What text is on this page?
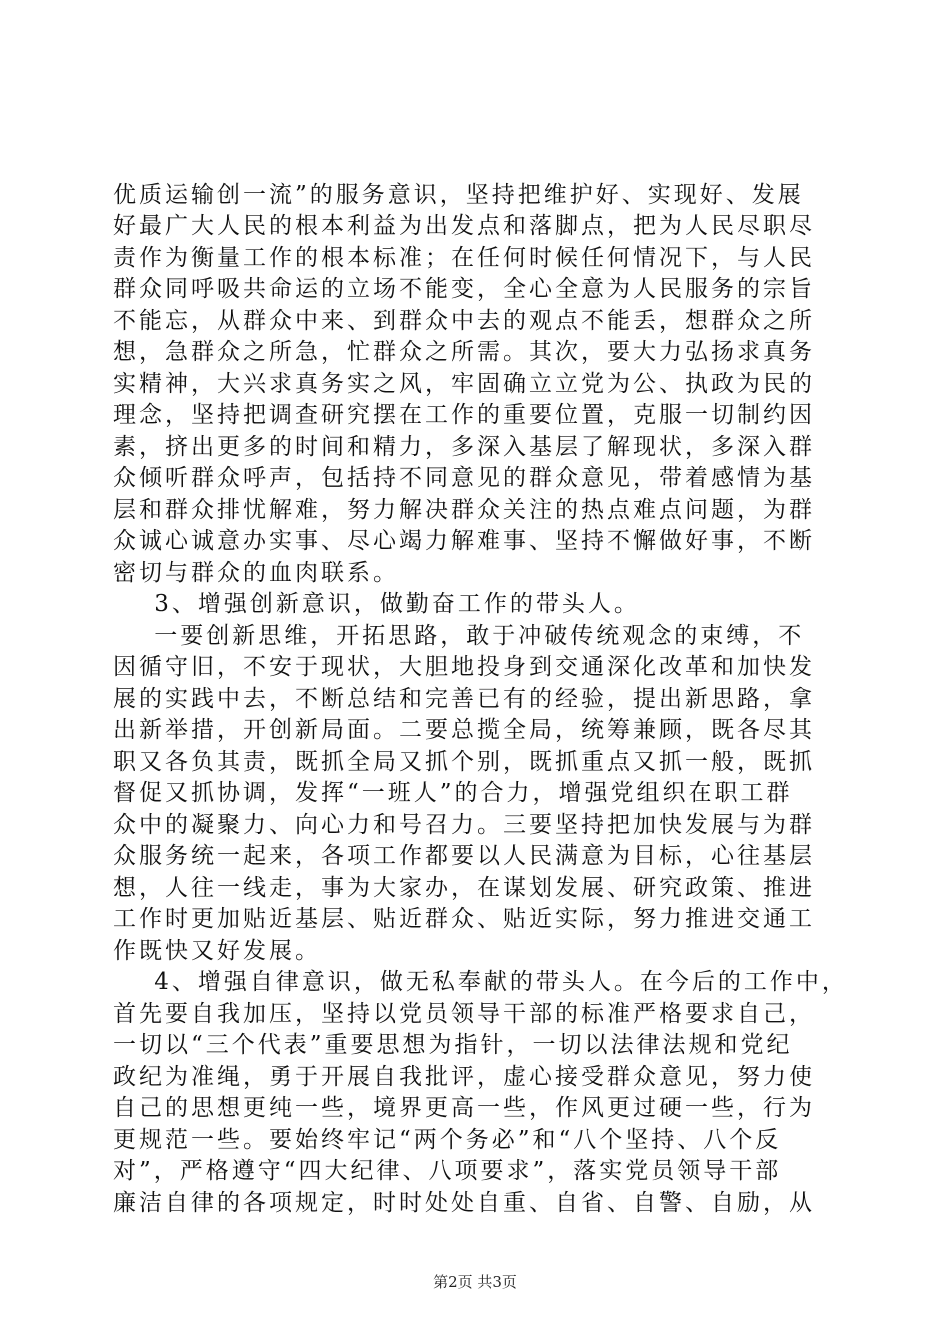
优质运输创一流”的服务意识，坚持把维护好、实现好、发展
好最广大人民的根本利益为出发点和落脚点，把为人民尽职尽
责作为衡量工作的根本标准；在任何时候任何情况下，与人民
群众同呼吸共命运的立场不能变，全心全意为人民服务的宗旨
不能忘，从群众中来、到群众中去的观点不能丢，想群众之所
想，急群众之所急，忙群众之所需。其次，要大力弘扬求真务
实精神，大兴求真务实之风，牢固确立立党为公、执政为民的
理念，坚持把调查研究摆在工作的重要位置，克服一切制约因
素，挤出更多的时间和精力，多深入基层了解现状，多深入群
众倾听群众呼声，包括持不同意见的群众意见，带着感情为基
层和群众排忧解难，努力解决群众关注的热点难点问题，为群
众诚心诚意办实事、尽心竭力解难事、坚持不懈做好事，不断
密切与群众的血肉联系。
3、增强创新意识，做勤奋工作的带头人。
一要创新思维，开拓思路，敢于冲破传统观念的束缚，不
因循守旧，不安于现状，大胆地投身到交通深化改革和加快发
展的实践中去，不断总结和完善已有的经验，提出新思路，拿
出新举措，开创新局面。二要总揽全局，统筹兼顾，既各尽其
职又各负其责，既抓全局又抓个别，既抓重点又抓一般，既抓
督促又抓协调，发挥“一班人”的合力，增强党组织在职工群
众中的凝聚力、向心力和号召力。三要坚持把加快发展与为群
众服务统一起来，各项工作都要以人民满意为目标，心往基层
想，人往一线走，事为大家办，在谋划发展、研究政策、推进
工作时更加贴近基层、贴近群众、贴近实际，努力推进交通工
作既快又好发展。
4、增强自律意识，做无私奉献的带头人。在今后的工作中，
首先要自我加压，坚持以党员领导干部的标准严格要求自己，
一切以“三个代表”重要思想为指针，一切以法律法规和党纪
政纪为准绳，勇于开展自我批评，虚心接受群众意见，努力使
自己的思想更纯一些，境界更高一些，作风更过硬一些，行为
更规范一些。要始终牢记“两个务必”和“八个坚持、八个反
对”，严格遵守“四大纪律、八项要求”，落实党员领导干部
廉洁自律的各项规定，时时处处自重、自省、自警、自励，从
第2页 共3页
